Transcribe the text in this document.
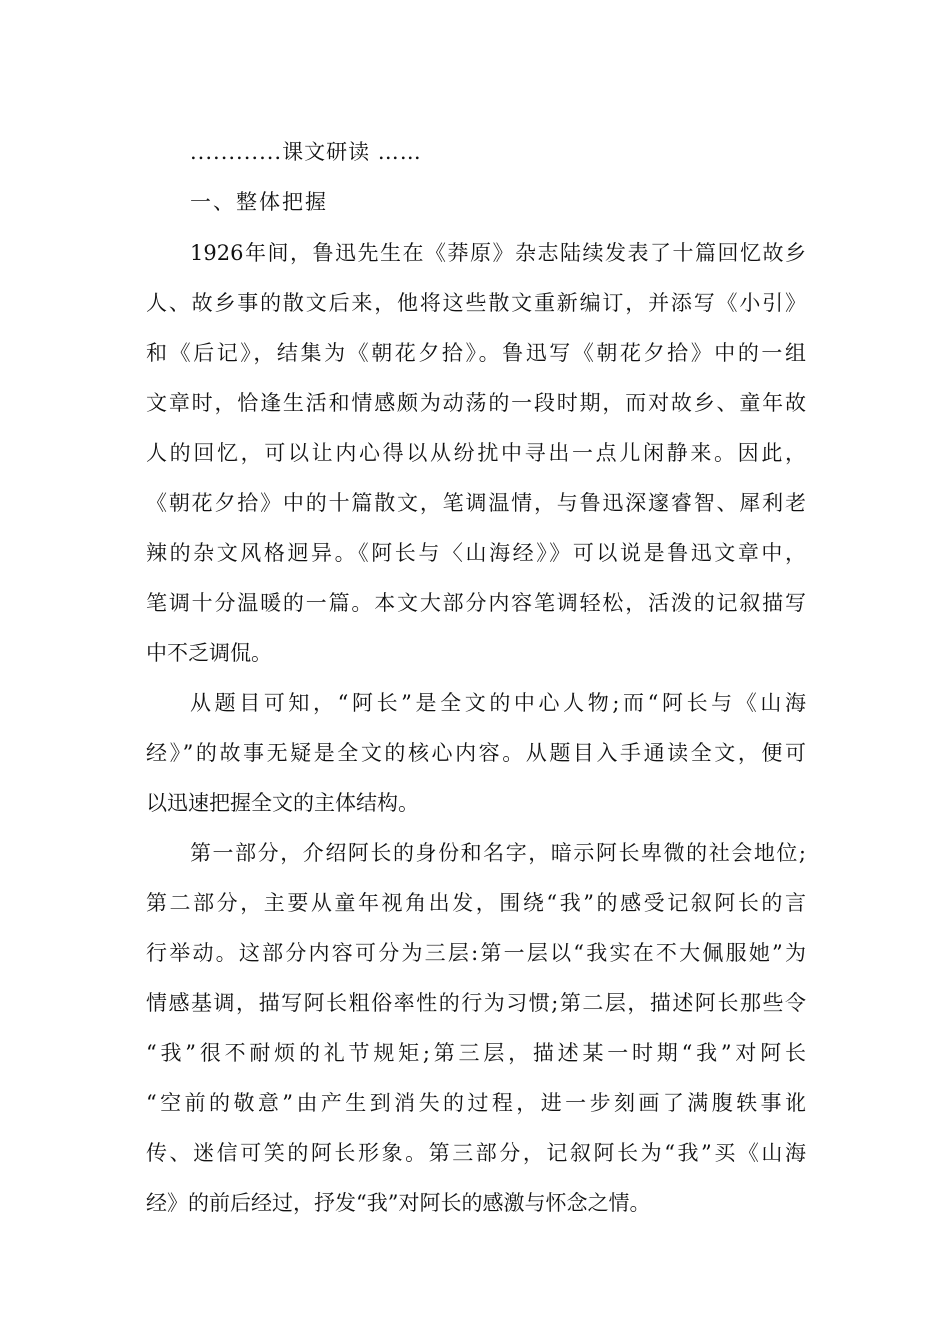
............课文研读 ……
一、整体把握
1926年间，鲁迅先生在《莽原》杂志陆续发表了十篇回忆故乡
人、故乡事的散文后来，他将这些散文重新编订，并添写《小引》
和《后记》，结集为《朝花夕拾》。鲁迅写《朝花夕拾》中的一组
文章时，恰逢生活和情感颇为动荡的一段时期，而对故乡、童年故
人的回忆，可以让内心得以从纷扰中寻出一点儿闲静来。因此，
《朝花夕拾》中的十篇散文，笔调温情，与鲁迅深邃睿智、犀利老
辣的杂文风格迥异。《阿长与〈山海经》》可以说是鲁迅文章中，
笔调十分温暖的一篇。本文大部分内容笔调轻松，活泼的记叙描写
中不乏调侃。
从题目可知，“阿长”是全文的中心人物;而“阿长与《山海
经》”的故事无疑是全文的核心内容。从题目入手通读全文，便可
以迅速把握全文的主体结构。
第一部分，介绍阿长的身份和名字，暗示阿长卑微的社会地位;
第二部分，主要从童年视角出发，围绕“我”的感受记叙阿长的言
行举动。这部分内容可分为三层:第一层以“我实在不大佩服她”为
情感基调，描写阿长粗俗率性的行为习惯;第二层，描述阿长那些令
“我”很不耐烦的礼节规矩;第三层，描述某一时期“我”对阿长
“空前的敬意”由产生到消失的过程，进一步刻画了满腹轶事讹
传、迷信可笑的阿长形象。第三部分，记叙阿长为“我”买《山海
经》的前后经过，抒发“我”对阿长的感激与怀念之情。
